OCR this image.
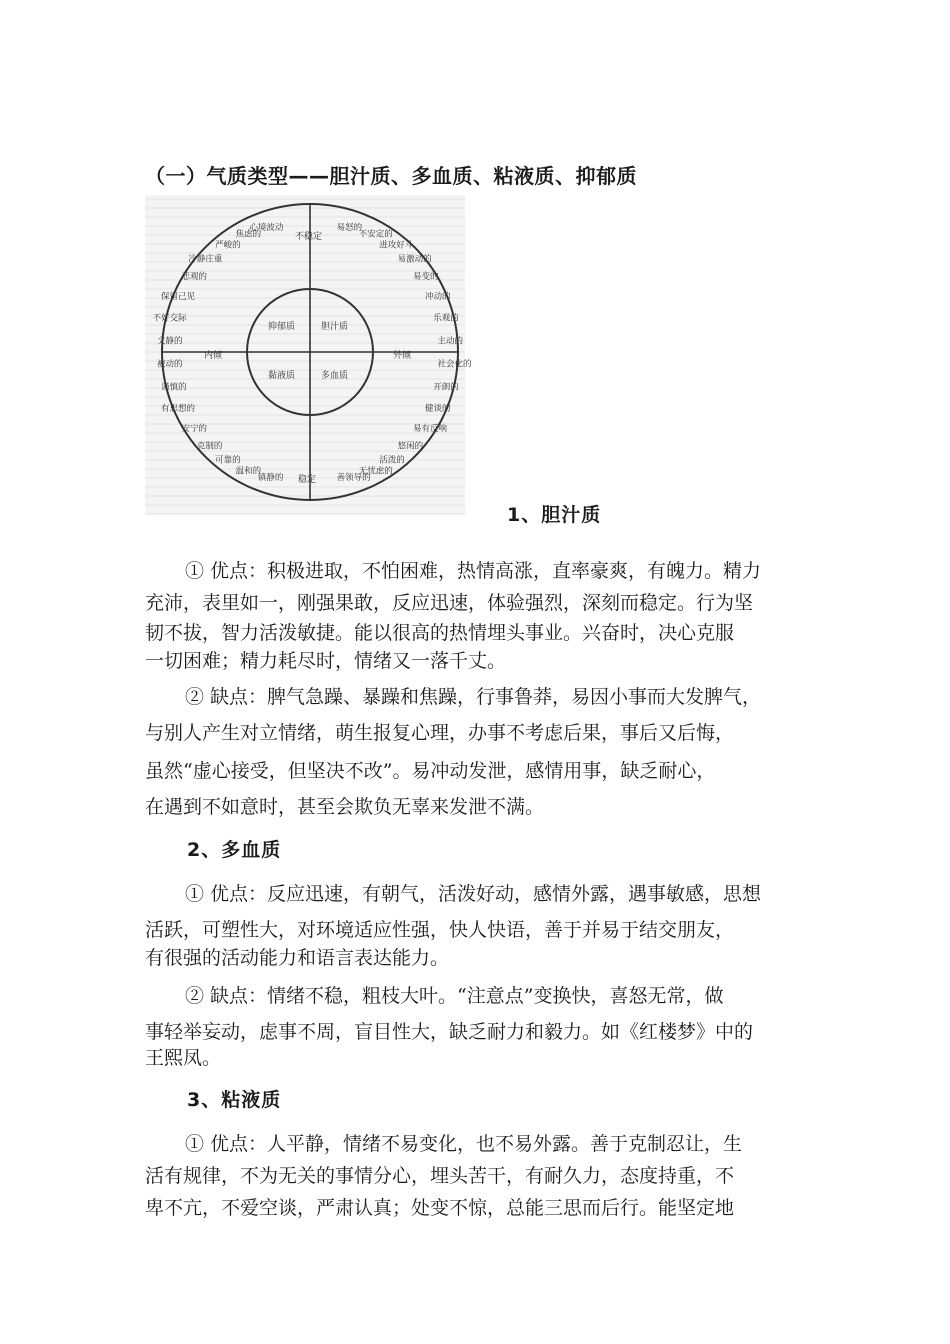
（一）气质类型——胆汁质、多血质、粘液质、抑郁质
抑郁质	胆汁质
黏液质	多血质
不稳定
稳定
内倾	外倾
心境波动
焦虑的
严峻的
冷静庄重
悲观的
保留己见
不好交际
文静的
被动的
谨慎的
有思想的
安宁的
克制的
可靠的
温和的
镇静的
易怒的
不安定的
进攻好斗
易激动的
易变的
冲动的
乐观的
主动的
社会化的
开朗的
健谈的
易有反响
悠闲的
活泼的
无忧虑的
善领导的
1、胆汁质
① 优点：积极进取，不怕困难，热情高涨，直率豪爽，有魄力。精力
充沛，表里如一，刚强果敢，反应迅速，体验强烈，深刻而稳定。行为坚
韧不拔，智力活泼敏捷。能以很高的热情埋头事业。兴奋时，决心克服
一切困难；精力耗尽时，情绪又一落千丈。
② 缺点：脾气急躁、暴躁和焦躁，行事鲁莽，易因小事而大发脾气，
与别人产生对立情绪，萌生报复心理，办事不考虑后果，事后又后悔，
虽然“虚心接受，但坚决不改”。易冲动发泄，感情用事，缺乏耐心，
在遇到不如意时，甚至会欺负无辜来发泄不满。
2、多血质
① 优点：反应迅速，有朝气，活泼好动，感情外露，遇事敏感，思想
活跃，可塑性大，对环境适应性强，快人快语，善于并易于结交朋友，
有很强的活动能力和语言表达能力。
② 缺点：情绪不稳，粗枝大叶。“注意点”变换快，喜怒无常，做
事轻举妄动，虑事不周，盲目性大，缺乏耐力和毅力。如《红楼梦》中的
王熙凤。
3、粘液质
① 优点：人平静，情绪不易变化，也不易外露。善于克制忍让，生
活有规律，不为无关的事情分心，埋头苦干，有耐久力，态度持重，不
卑不亢，不爱空谈，严肃认真；处变不惊，总能三思而后行。能坚定地
